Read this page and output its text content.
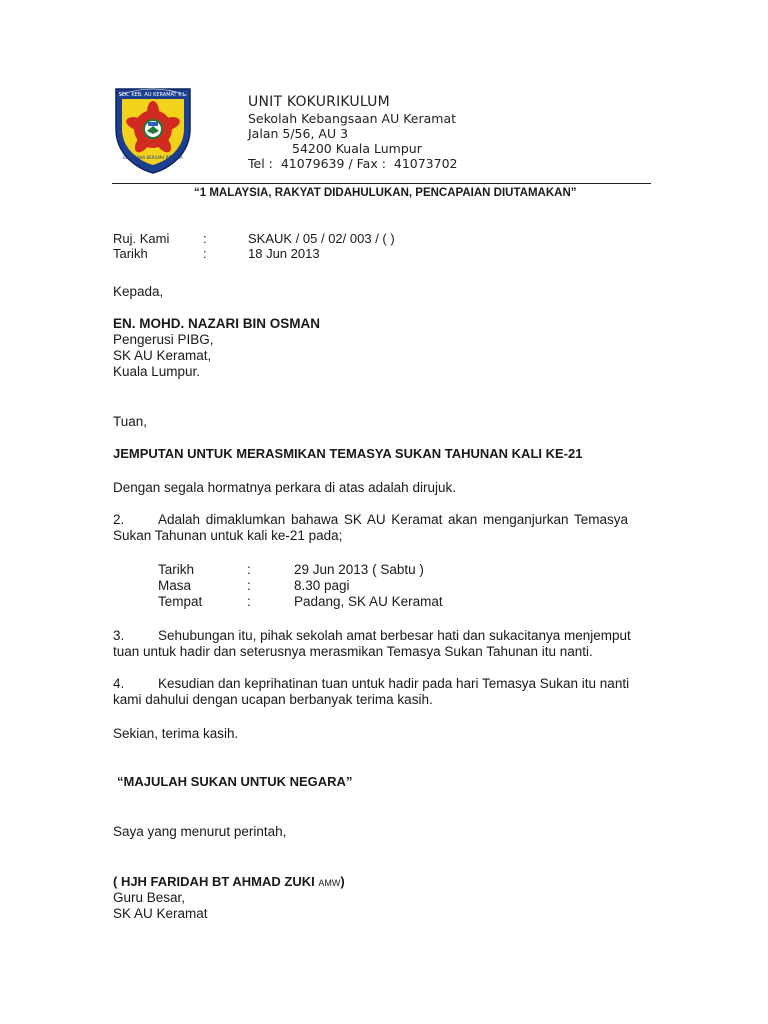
SEK. KEB. AU KERAMAT K.L.
BERUSAHA BERILMU BERJASA
UNIT KOKURIKULUM
Sekolah Kebangsaan AU Keramat
Jalan 5/56, AU 3
54200 Kuala Lumpur
Tel : 41079639 / Fax : 41073702
“1 MALAYSIA, RAKYAT DIDAHULUKAN, PENCAPAIAN DIUTAMAKAN”
Ruj. Kami	:	SKAUK / 05 / 02/ 003 / ( )
Tarikh	:	18 Jun 2013
Kepada,
EN. MOHD. NAZARI BIN OSMAN
Pengerusi PIBG,
SK AU Keramat,
Kuala Lumpur.
Tuan,
JEMPUTAN UNTUK MERASMIKAN TEMASYA SUKAN TAHUNAN KALI KE-21
Dengan segala hormatnya perkara di atas adalah dirujuk.
2. Adalah dimaklumkan bahawa SK AU Keramat akan menganjurkan Temasya
Sukan Tahunan untuk kali ke-21 pada;
Tarikh	:	29 Jun 2013 ( Sabtu )
Masa	:	8.30 pagi
Tempat	:	Padang, SK AU Keramat
3. Sehubungan itu, pihak sekolah amat berbesar hati dan sukacitanya menjemput
tuan untuk hadir dan seterusnya merasmikan Temasya Sukan Tahunan itu nanti.
4. Kesudian dan keprihatinan tuan untuk hadir pada hari Temasya Sukan itu nanti
kami dahului dengan ucapan berbanyak terima kasih.
Sekian, terima kasih.
“MAJULAH SUKAN UNTUK NEGARA”
Saya yang menurut perintah,
( HJH FARIDAH BT AHMAD ZUKI AMW)
Guru Besar,
SK AU Keramat
